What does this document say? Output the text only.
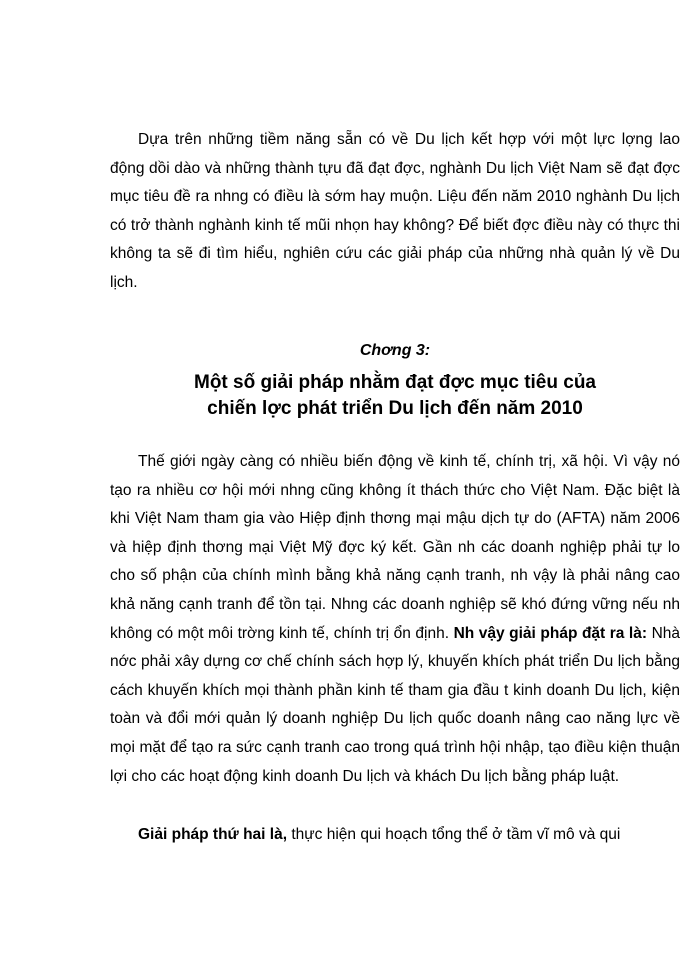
Dựa trên những tiềm năng sẵn có về Du lịch kết hợp với một lực lợng lao động dồi dào và những thành tựu đã đạt đợc, nghành Du lịch Việt Nam sẽ đạt đợc mục tiêu đề ra nhng có điều là sớm hay muộn. Liệu đến năm 2010 nghành Du lịch có trở thành nghành kinh tế mũi nhọn hay không? Để biết đợc điều này có thực thi không ta sẽ đi tìm hiểu, nghiên cứu các giải pháp của những nhà quản lý về Du lịch.

Chơng 3:

Một số giải pháp nhằm đạt đợc mục tiêu của
chiến lợc phát triển Du lịch đến năm 2010

Thế giới ngày càng có nhiều biến động về kinh tế, chính trị, xã hội. Vì vậy nó tạo ra nhiều cơ hội mới nhng cũng không ít thách thức cho Việt Nam. Đặc biệt là khi Việt Nam tham gia vào Hiệp định thơng mại mậu dịch tự do (AFTA) năm 2006 và hiệp định thơng mại Việt Mỹ đợc ký kết. Gần nh các doanh nghiệp phải tự lo cho số phận của chính mình bằng khả năng cạnh tranh, nh vậy là phải nâng cao khả năng cạnh tranh để tồn tại. Nhng các doanh nghiệp sẽ khó đứng vững nếu nh không có một môi trờng kinh tế, chính trị ổn định. Nh vậy giải pháp đặt ra là: Nhà nớc phải xây dựng cơ chế chính sách hợp lý, khuyến khích phát triển Du lịch bằng cách khuyến khích mọi thành phần kinh tế tham gia đầu t kinh doanh Du lịch, kiện toàn và đổi mới quản lý doanh nghiệp Du lịch quốc doanh nâng cao năng lực về mọi mặt để tạo ra sức cạnh tranh cao trong quá trình hội nhập, tạo điều kiện thuận lợi cho các hoạt động kinh doanh Du lịch và khách Du lịch bằng pháp luật.

Giải pháp thứ hai là, thực hiện qui hoạch tổng thể ở tầm vĩ mô và qui
